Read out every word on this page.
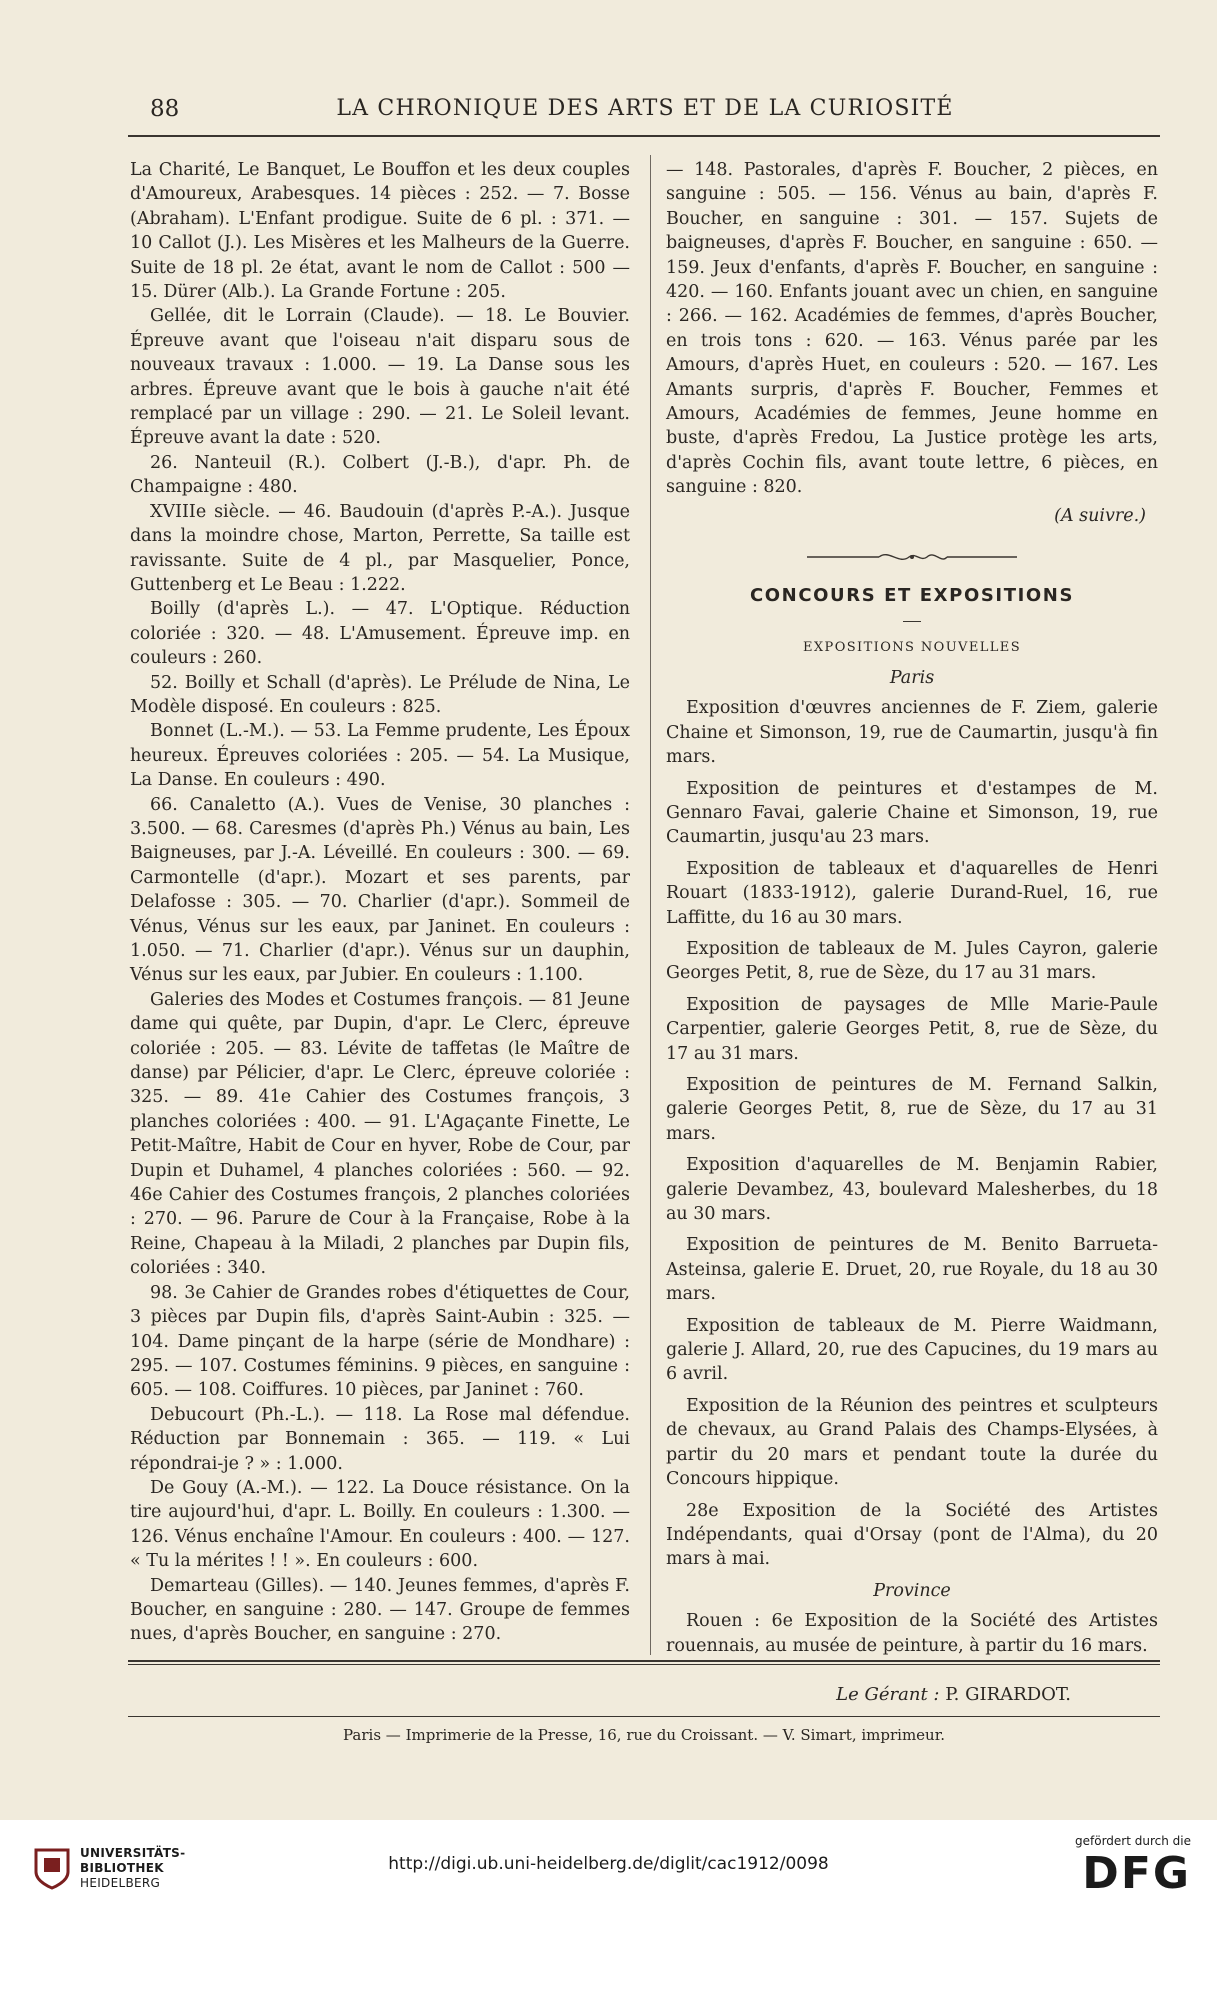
88	LA CHRONIQUE DES ARTS ET DE LA CURIOSITÉ

La Charité, Le Banquet, Le Bouffon et les deux couples d'Amoureux, Arabesques. 14 pièces : 252. — 7. Bosse (Abraham). L'Enfant prodigue. Suite de 6 pl. : 371. — 10 Callot (J.). Les Misères et les Malheurs de la Guerre. Suite de 18 pl. 2e état, avant le nom de Callot : 500 — 15. Dürer (Alb.). La Grande Fortune : 205.

Gellée, dit le Lorrain (Claude). — 18. Le Bouvier. Épreuve avant que l'oiseau n'ait disparu sous de nouveaux travaux : 1.000. — 19. La Danse sous les arbres. Épreuve avant que le bois à gauche n'ait été remplacé par un village : 290. — 21. Le Soleil levant. Épreuve avant la date : 520.

26. Nanteuil (R.). Colbert (J.-B.), d'apr. Ph. de Champaigne : 480.

XVIIIe siècle. — 46. Baudouin (d'après P.-A.). Jusque dans la moindre chose, Marton, Perrette, Sa taille est ravissante. Suite de 4 pl., par Masquelier, Ponce, Guttenberg et Le Beau : 1.222.

Boilly (d'après L.). — 47. L'Optique. Réduction coloriée : 320. — 48. L'Amusement. Épreuve imp. en couleurs : 260.

52. Boilly et Schall (d'après). Le Prélude de Nina, Le Modèle disposé. En couleurs : 825.

Bonnet (L.-M.). — 53. La Femme prudente, Les Époux heureux. Épreuves coloriées : 205. — 54. La Musique, La Danse. En couleurs : 490.

66. Canaletto (A.). Vues de Venise, 30 planches : 3.500. — 68. Caresmes (d'après Ph.) Vénus au bain, Les Baigneuses, par J.-A. Léveillé. En couleurs : 300. — 69. Carmontelle (d'apr.). Mozart et ses parents, par Delafosse : 305. — 70. Charlier (d'apr.). Sommeil de Vénus, Vénus sur les eaux, par Janinet. En couleurs : 1.050. — 71. Charlier (d'apr.). Vénus sur un dauphin, Vénus sur les eaux, par Jubier. En couleurs : 1.100.

Galeries des Modes et Costumes françois. — 81 Jeune dame qui quête, par Dupin, d'apr. Le Clerc, épreuve coloriée : 205. — 83. Lévite de taffetas (le Maître de danse) par Pélicier, d'apr. Le Clerc, épreuve coloriée : 325. — 89. 41e Cahier des Costumes françois, 3 planches coloriées : 400. — 91. L'Agaçante Finette, Le Petit-Maître, Habit de Cour en hyver, Robe de Cour, par Dupin et Duhamel, 4 planches coloriées : 560. — 92. 46e Cahier des Costumes françois, 2 planches coloriées : 270. — 96. Parure de Cour à la Française, Robe à la Reine, Chapeau à la Miladi, 2 planches par Dupin fils, coloriées : 340.

98. 3e Cahier de Grandes robes d'étiquettes de Cour, 3 pièces par Dupin fils, d'après Saint-Aubin : 325. — 104. Dame pinçant de la harpe (série de Mondhare) : 295. — 107. Costumes féminins. 9 pièces, en sanguine : 605. — 108. Coiffures. 10 pièces, par Janinet : 760.

Debucourt (Ph.-L.). — 118. La Rose mal défendue. Réduction par Bonnemain : 365. — 119. « Lui répondrai-je ? » : 1.000.

De Gouy (A.-M.). — 122. La Douce résistance. On la tire aujourd'hui, d'apr. L. Boilly. En couleurs : 1.300. — 126. Vénus enchaîne l'Amour. En couleurs : 400. — 127. « Tu la mérites ! ! ». En couleurs : 600.

Demarteau (Gilles). — 140. Jeunes femmes, d'après F. Boucher, en sanguine : 280. — 147. Groupe de femmes nues, d'après Boucher, en sanguine : 270.

— 148. Pastorales, d'après F. Boucher, 2 pièces, en sanguine : 505. — 156. Vénus au bain, d'après F. Boucher, en sanguine : 301. — 157. Sujets de baigneuses, d'après F. Boucher, en sanguine : 650. — 159. Jeux d'enfants, d'après F. Boucher, en sanguine : 420. — 160. Enfants jouant avec un chien, en sanguine : 266. — 162. Académies de femmes, d'après Boucher, en trois tons : 620. — 163. Vénus parée par les Amours, d'après Huet, en couleurs : 520. — 167. Les Amants surpris, d'après F. Boucher, Femmes et Amours, Académies de femmes, Jeune homme en buste, d'après Fredou, La Justice protège les arts, d'après Cochin fils, avant toute lettre, 6 pièces, en sanguine : 820.

(A suivre.)
CONCOURS ET EXPOSITIONS
EXPOSITIONS NOUVELLES
Paris

Exposition d'œuvres anciennes de F. Ziem, galerie Chaine et Simonson, 19, rue de Caumartin, jusqu'à fin mars.

Exposition de peintures et d'estampes de M. Gennaro Favai, galerie Chaine et Simonson, 19, rue Caumartin, jusqu'au 23 mars.

Exposition de tableaux et d'aquarelles de Henri Rouart (1833-1912), galerie Durand-Ruel, 16, rue Laffitte, du 16 au 30 mars.

Exposition de tableaux de M. Jules Cayron, galerie Georges Petit, 8, rue de Sèze, du 17 au 31 mars.

Exposition de paysages de Mlle Marie-Paule Carpentier, galerie Georges Petit, 8, rue de Sèze, du 17 au 31 mars.

Exposition de peintures de M. Fernand Salkin, galerie Georges Petit, 8, rue de Sèze, du 17 au 31 mars.

Exposition d'aquarelles de M. Benjamin Rabier, galerie Devambez, 43, boulevard Malesherbes, du 18 au 30 mars.

Exposition de peintures de M. Benito Barrueta-Asteinsa, galerie E. Druet, 20, rue Royale, du 18 au 30 mars.

Exposition de tableaux de M. Pierre Waidmann, galerie J. Allard, 20, rue des Capucines, du 19 mars au 6 avril.

Exposition de la Réunion des peintres et sculpteurs de chevaux, au Grand Palais des Champs-Elysées, à partir du 20 mars et pendant toute la durée du Concours hippique.

28e Exposition de la Société des Artistes Indépendants, quai d'Orsay (pont de l'Alma), du 20 mars à mai.

Province

Rouen : 6e Exposition de la Société des Artistes rouennais, au musée de peinture, à partir du 16 mars.

Le Gérant : P. GIRARDOT.
Paris — Imprimerie de la Presse, 16, rue du Croissant. — V. Simart, imprimeur.
UNIVERSITÄTS-
BIBLIOTHEK
HEIDELBERG
http://digi.ub.uni-heidelberg.de/diglit/cac1912/0098
gefördert durch die
DFG
